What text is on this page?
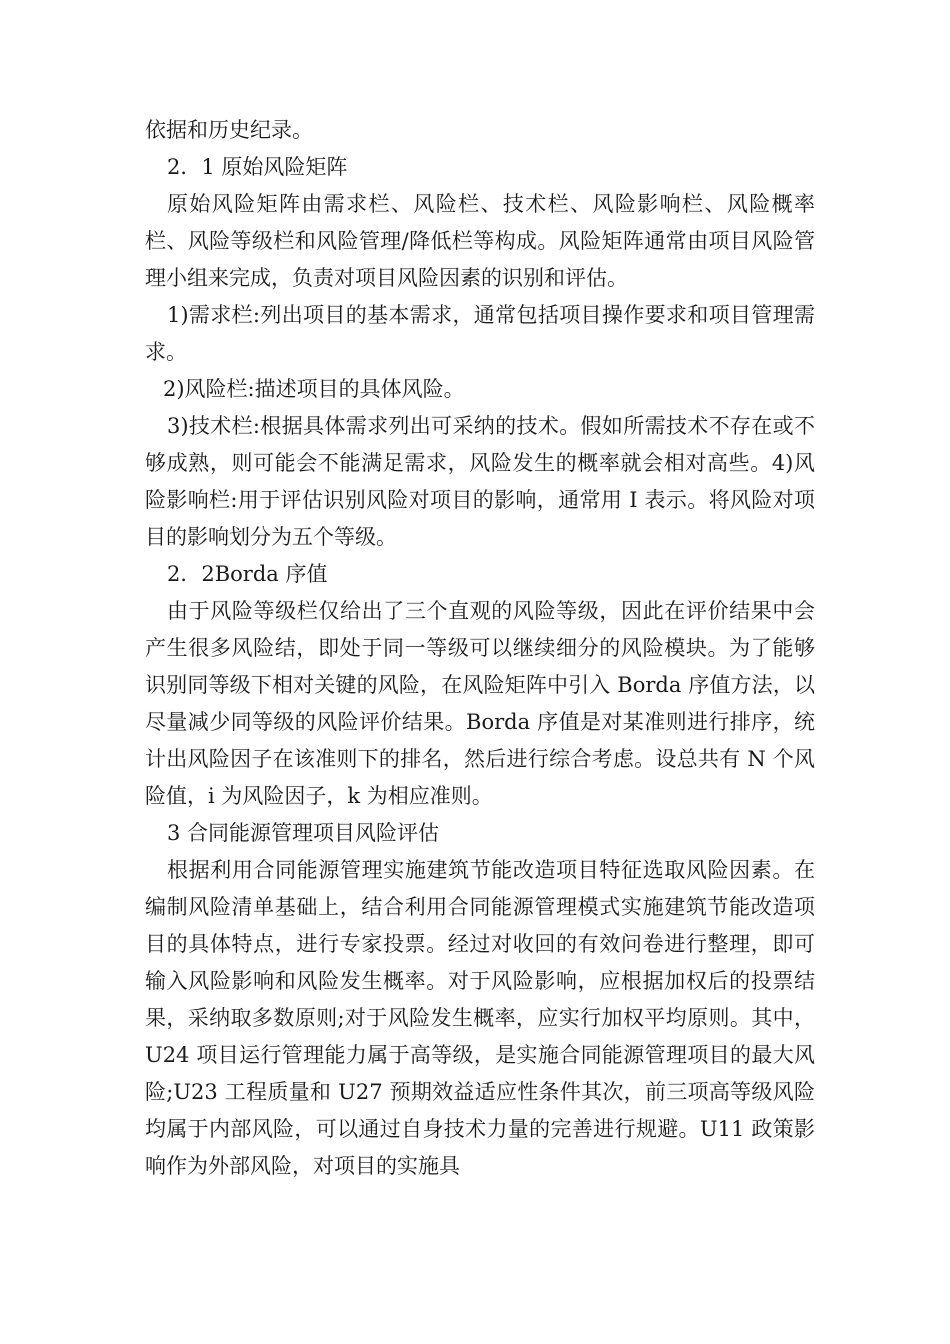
依据和历史纪录。

2．1 原始风险矩阵

原始风险矩阵由需求栏、风险栏、技术栏、风险影响栏、风险概率栏、风险等级栏和风险管理/降低栏等构成。风险矩阵通常由项目风险管理小组来完成，负责对项目风险因素的识别和评估。

1)需求栏:列出项目的基本需求，通常包括项目操作要求和项目管理需求。

2)风险栏:描述项目的具体风险。

3)技术栏:根据具体需求列出可采纳的技术。假如所需技术不存在或不够成熟，则可能会不能满足需求，风险发生的概率就会相对高些。4)风险影响栏:用于评估识别风险对项目的影响，通常用 I 表示。将风险对项目的影响划分为五个等级。

2．2Borda 序值

由于风险等级栏仅给出了三个直观的风险等级，因此在评价结果中会产生很多风险结，即处于同一等级可以继续细分的风险模块。为了能够识别同等级下相对关键的风险，在风险矩阵中引入 Borda 序值方法，以尽量减少同等级的风险评价结果。Borda 序值是对某准则进行排序，统计出风险因子在该准则下的排名，然后进行综合考虑。设总共有 N 个风险值，i 为风险因子，k 为相应准则。

3 合同能源管理项目风险评估

根据利用合同能源管理实施建筑节能改造项目特征选取风险因素。在编制风险清单基础上，结合利用合同能源管理模式实施建筑节能改造项目的具体特点，进行专家投票。经过对收回的有效问卷进行整理，即可输入风险影响和风险发生概率。对于风险影响，应根据加权后的投票结果，采纳取多数原则;对于风险发生概率，应实行加权平均原则。其中，U24 项目运行管理能力属于高等级，是实施合同能源管理项目的最大风险;U23 工程质量和 U27 预期效益适应性条件其次，前三项高等级风险均属于内部风险，可以通过自身技术力量的完善进行规避。U11 政策影响作为外部风险，对项目的实施具
